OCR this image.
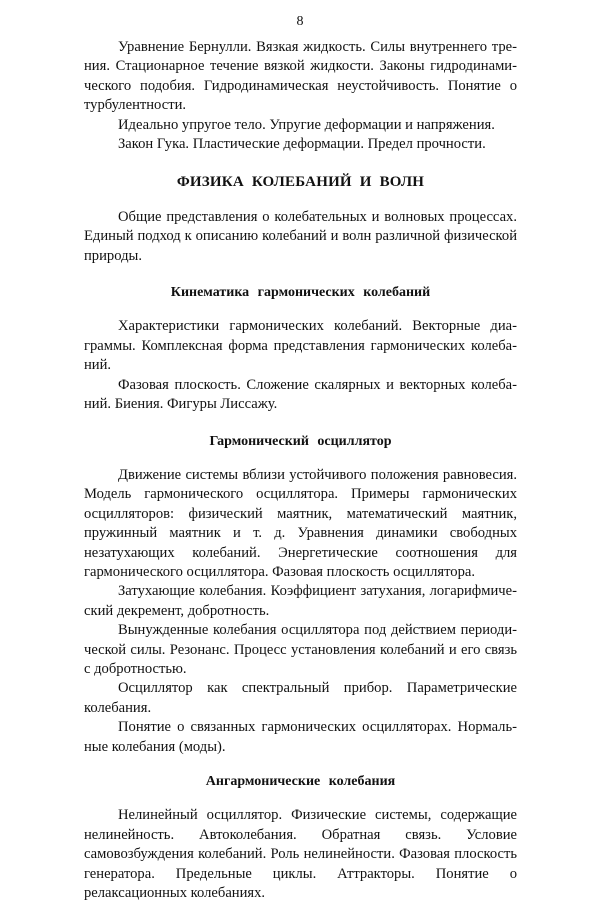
8

Уравнение Бернулли. Вязкая жидкость. Силы внутреннего трения. Стационарное течение вязкой жидкости. Законы гидродинамического подобия. Гидродинамическая неустойчивость. Понятие о турбулентности.

Идеально упругое тело. Упругие деформации и напряжения.

Закон Гука. Пластические деформации. Предел прочности.

ФИЗИКА КОЛЕБАНИЙ И ВОЛН

Общие представления о колебательных и волновых процессах. Единый подход к описанию колебаний и волн различной физической природы.

Кинематика гармонических колебаний

Характеристики гармонических колебаний. Векторные диаграммы. Комплексная форма представления гармонических колебаний.

Фазовая плоскость. Сложение скалярных и векторных колебаний. Биения. Фигуры Лиссажу.

Гармонический осциллятор

Движение системы вблизи устойчивого положения равновесия. Модель гармонического осциллятора. Примеры гармонических осцилляторов: физический маятник, математический маятник, пружинный маятник и т. д. Уравнения динамики свободных незатухающих колебаний. Энергетические соотношения для гармонического осциллятора. Фазовая плоскость осциллятора.

Затухающие колебания. Коэффициент затухания, логарифмический декремент, добротность.

Вынужденные колебания осциллятора под действием периодической силы. Резонанс. Процесс установления колебаний и его связь с добротностью.

Осциллятор как спектральный прибор. Параметрические колебания.

Понятие о связанных гармонических осцилляторах. Нормальные колебания (моды).

Ангармонические колебания

Нелинейный осциллятор. Физические системы, содержащие нелинейность. Автоколебания. Обратная связь. Условие самовозбуждения колебаний. Роль нелинейности. Фазовая плоскость генератора. Предельные циклы. Аттракторы. Понятие о релаксационных колебаниях.
